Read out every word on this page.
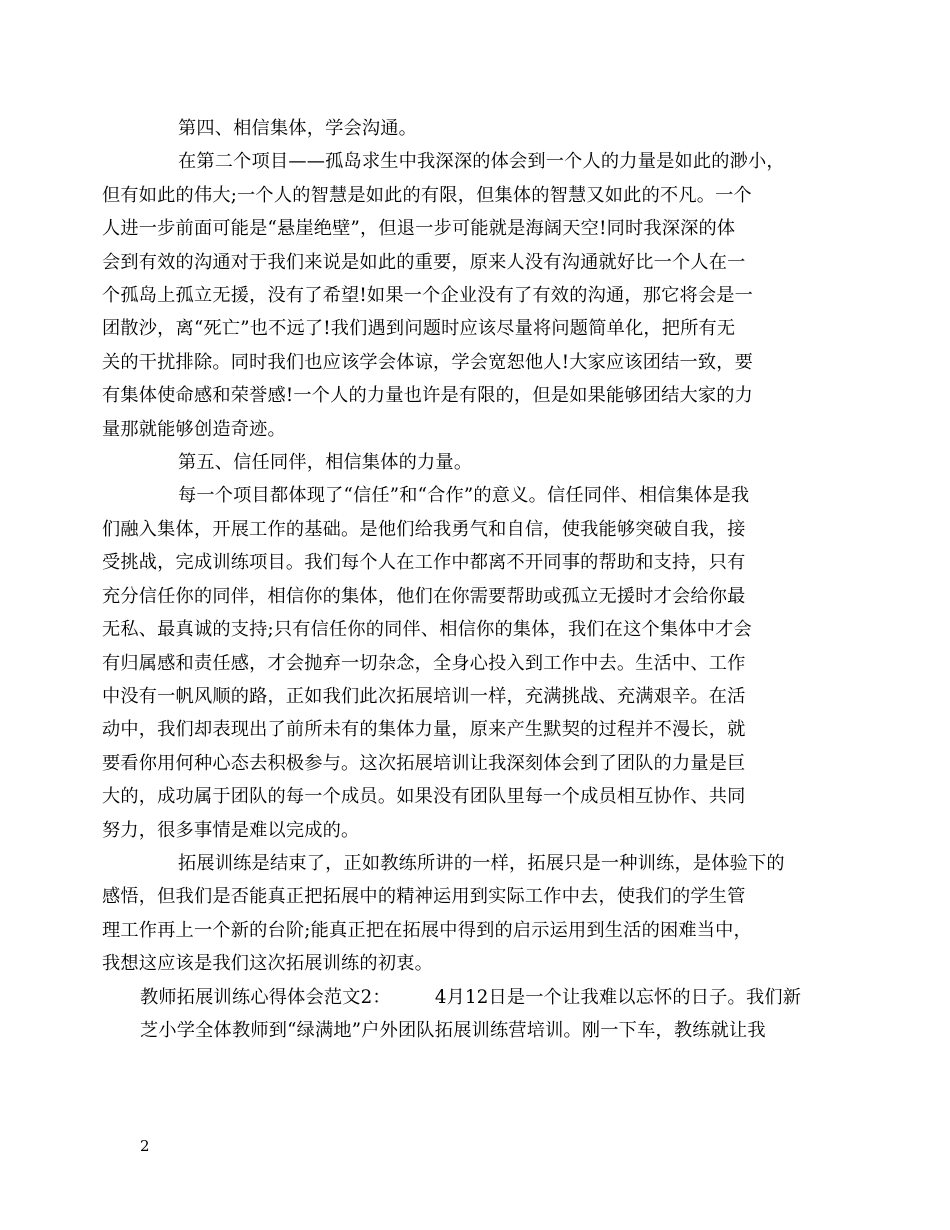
第四、相信集体，学会沟通。

在第二个项目——孤岛求生中我深深的体会到一个人的力量是如此的渺小，
但有如此的伟大;一个人的智慧是如此的有限，但集体的智慧又如此的不凡。一个
人进一步前面可能是“悬崖绝壁”，但退一步可能就是海阔天空!同时我深深的体
会到有效的沟通对于我们来说是如此的重要，原来人没有沟通就好比一个人在一
个孤岛上孤立无援，没有了希望!如果一个企业没有了有效的沟通，那它将会是一
团散沙，离“死亡”也不远了!我们遇到问题时应该尽量将问题简单化，把所有无
关的干扰排除。同时我们也应该学会体谅，学会宽恕他人!大家应该团结一致，要
有集体使命感和荣誉感!一个人的力量也许是有限的，但是如果能够团结大家的力
量那就能够创造奇迹。

第五、信任同伴，相信集体的力量。

每一个项目都体现了“信任”和“合作”的意义。信任同伴、相信集体是我
们融入集体，开展工作的基础。是他们给我勇气和自信，使我能够突破自我，接
受挑战，完成训练项目。我们每个人在工作中都离不开同事的帮助和支持，只有
充分信任你的同伴，相信你的集体，他们在你需要帮助或孤立无援时才会给你最
无私、最真诚的支持;只有信任你的同伴、相信你的集体，我们在这个集体中才会
有归属感和责任感，才会抛弃一切杂念，全身心投入到工作中去。生活中、工作
中没有一帆风顺的路，正如我们此次拓展培训一样，充满挑战、充满艰辛。在活
动中，我们却表现出了前所未有的集体力量，原来产生默契的过程并不漫长，就
要看你用何种心态去积极参与。这次拓展培训让我深刻体会到了团队的力量是巨
大的，成功属于团队的每一个成员。如果没有团队里每一个成员相互协作、共同
努力，很多事情是难以完成的。

拓展训练是结束了，正如教练所讲的一样，拓展只是一种训练，是体验下的
感悟，但我们是否能真正把拓展中的精神运用到实际工作中去，使我们的学生管
理工作再上一个新的台阶;能真正把在拓展中得到的启示运用到生活的困难当中，
我想这应该是我们这次拓展训练的初衷。

教师拓展训练心得体会范文2： 4月12日是一个让我难以忘怀的日子。我们新
芝小学全体教师到“绿满地”户外团队拓展训练营培训。刚一下车，教练就让我

2
